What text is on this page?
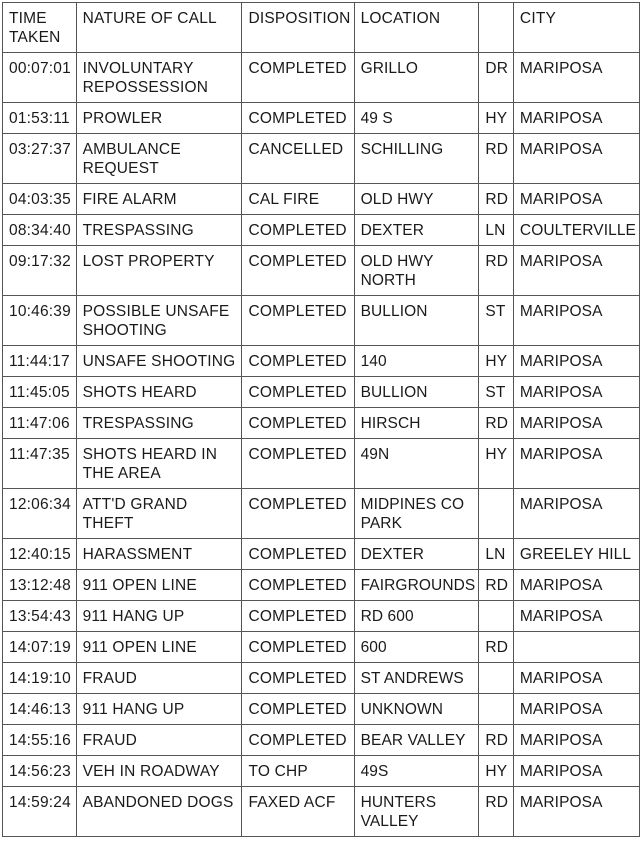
TIME TAKEN	NATURE OF CALL	DISPOSITION	LOCATION		CITY
00:07:01	INVOLUNTARY REPOSSESSION	COMPLETED	GRILLO	DR	MARIPOSA
01:53:11	PROWLER	COMPLETED	49 S	HY	MARIPOSA
03:27:37	AMBULANCE REQUEST	CANCELLED	SCHILLING	RD	MARIPOSA
04:03:35	FIRE ALARM	CAL FIRE	OLD HWY	RD	MARIPOSA
08:34:40	TRESPASSING	COMPLETED	DEXTER	LN	COULTERVILLE
09:17:32	LOST PROPERTY	COMPLETED	OLD HWY NORTH	RD	MARIPOSA
10:46:39	POSSIBLE UNSAFE SHOOTING	COMPLETED	BULLION	ST	MARIPOSA
11:44:17	UNSAFE SHOOTING	COMPLETED	140	HY	MARIPOSA
11:45:05	SHOTS HEARD	COMPLETED	BULLION	ST	MARIPOSA
11:47:06	TRESPASSING	COMPLETED	HIRSCH	RD	MARIPOSA
11:47:35	SHOTS HEARD IN THE AREA	COMPLETED	49N	HY	MARIPOSA
12:06:34	ATT'D GRAND THEFT	COMPLETED	MIDPINES CO PARK		MARIPOSA
12:40:15	HARASSMENT	COMPLETED	DEXTER	LN	GREELEY HILL
13:12:48	911 OPEN LINE	COMPLETED	FAIRGROUNDS	RD	MARIPOSA
13:54:43	911 HANG UP	COMPLETED	RD 600		MARIPOSA
14:07:19	911 OPEN LINE	COMPLETED	600	RD	
14:19:10	FRAUD	COMPLETED	ST ANDREWS		MARIPOSA
14:46:13	911 HANG UP	COMPLETED	UNKNOWN		MARIPOSA
14:55:16	FRAUD	COMPLETED	BEAR VALLEY	RD	MARIPOSA
14:56:23	VEH IN ROADWAY	TO CHP	49S	HY	MARIPOSA
14:59:24	ABANDONED DOGS	FAXED ACF	HUNTERS VALLEY	RD	MARIPOSA
